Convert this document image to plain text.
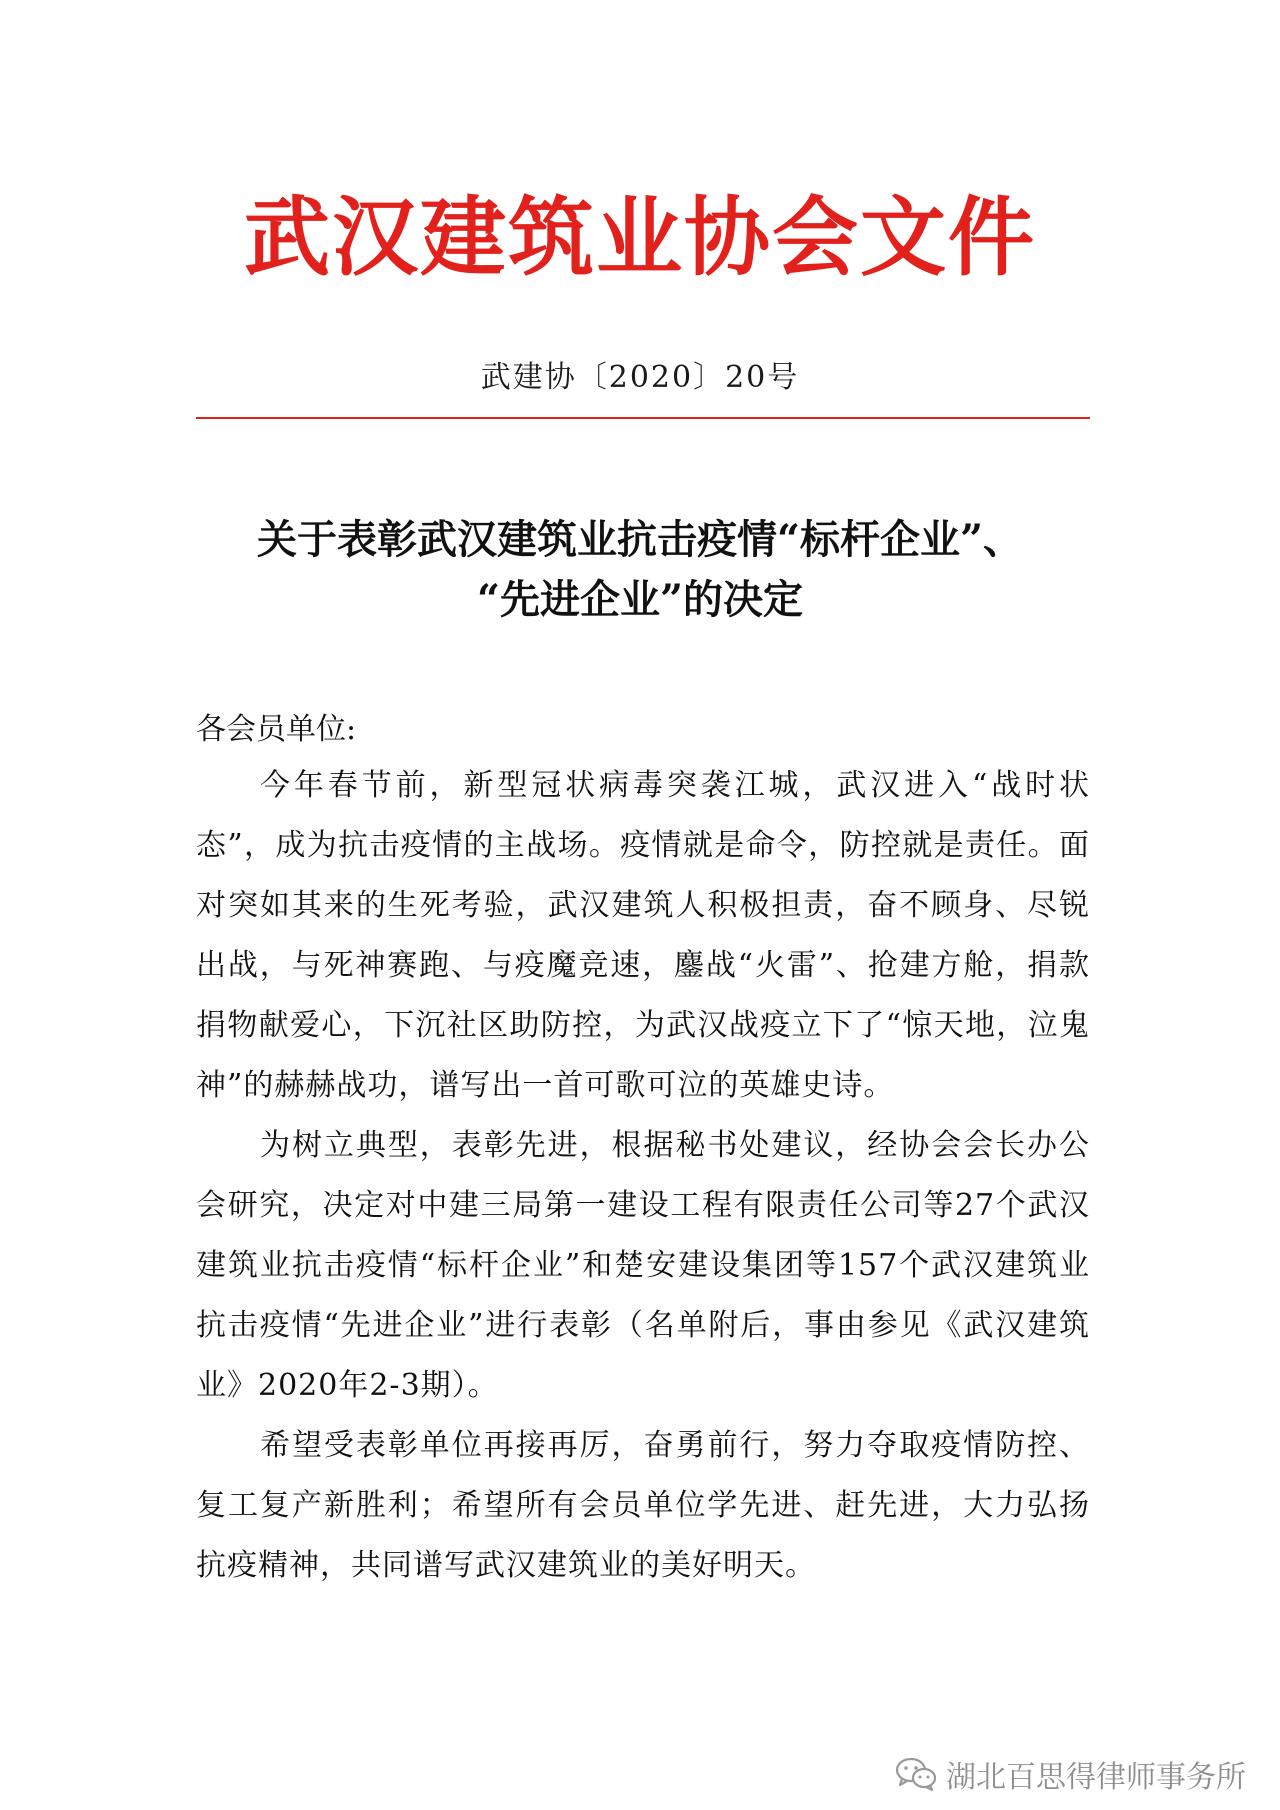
武汉建筑业协会文件
武建协〔2020〕20号
关于表彰武汉建筑业抗击疫情“标杆企业”、
“先进企业”的决定
各会员单位:

今年春节前，新型冠状病毒突袭江城，武汉进入“战时状态”，成为抗击疫情的主战场。疫情就是命令，防控就是责任。面对突如其来的生死考验，武汉建筑人积极担责，奋不顾身、尽锐出战，与死神赛跑、与疫魔竞速，鏖战“火雷”、抢建方舱，捐款捐物献爱心，下沉社区助防控，为武汉战疫立下了“惊天地，泣鬼神”的赫赫战功，谱写出一首可歌可泣的英雄史诗。

为树立典型，表彰先进，根据秘书处建议，经协会会长办公会研究，决定对中建三局第一建设工程有限责任公司等27个武汉建筑业抗击疫情“标杆企业”和楚安建设集团等157个武汉建筑业抗击疫情“先进企业”进行表彰（名单附后，事由参见《武汉建筑业》2020年2-3期）。

希望受表彰单位再接再厉，奋勇前行，努力夺取疫情防控、复工复产新胜利；希望所有会员单位学先进、赶先进，大力弘扬抗疫精神，共同谱写武汉建筑业的美好明天。

湖北百思得律师事务所
